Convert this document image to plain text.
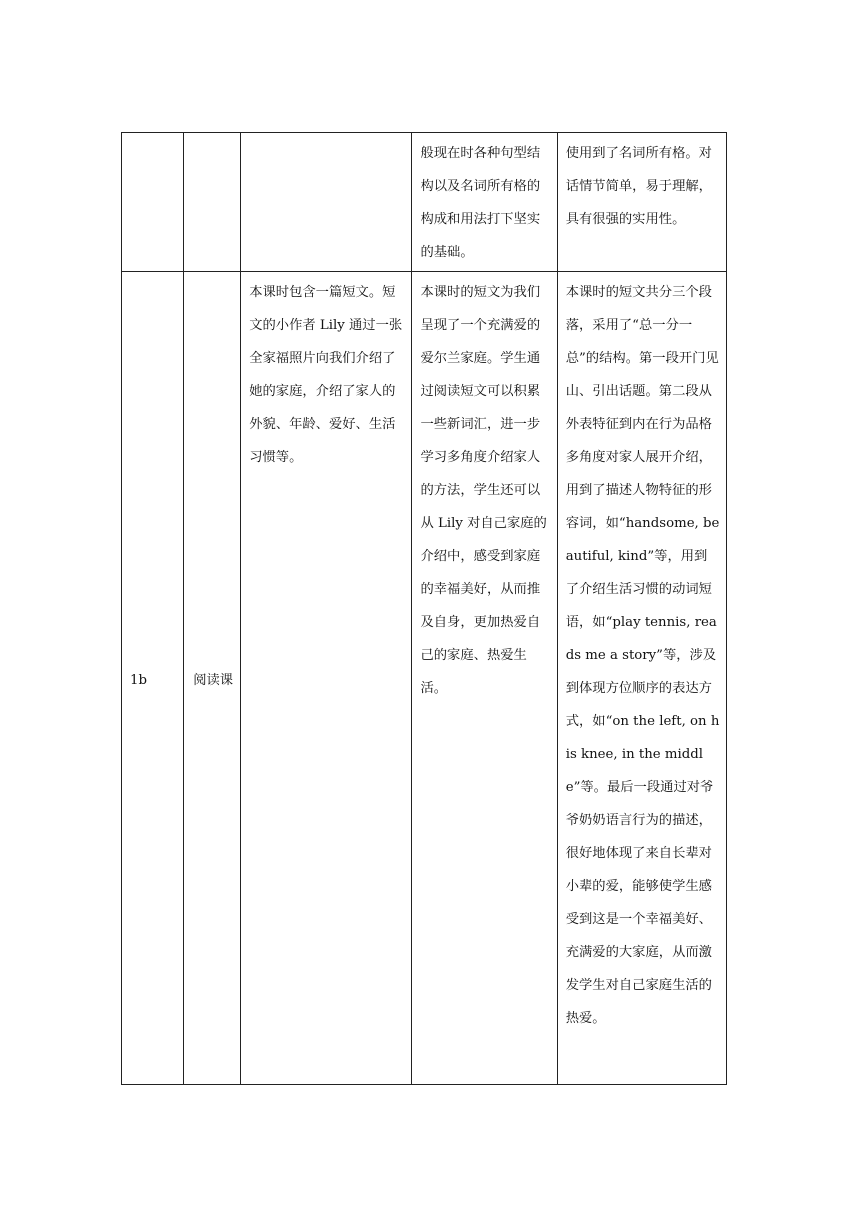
			般现在时各种句型结构以及名词所有格的构成和用法打下坚实的基础。	使用到了名词所有格。对话情节简单，易于理解，具有很强的实用性。
1b	阅读课	本课时包含一篇短文。短文的小作者 Lily 通过一张全家福照片向我们介绍了她的家庭，介绍了家人的外貌、年龄、爱好、生活习惯等。	本课时的短文为我们呈现了一个充满爱的爱尔兰家庭。学生通过阅读短文可以积累一些新词汇，进一步学习多角度介绍家人的方法，学生还可以从 Lily 对自己家庭的介绍中，感受到家庭的幸福美好，从而推及自身，更加热爱自己的家庭、热爱生活。	本课时的短文共分三个段落，采用了“总一分一总”的结构。第一段开门见山、引出话题。第二段从外表特征到内在行为品格多角度对家人展开介绍，用到了描述人物特征的形容词，如“handsome, beautiful, kind”等，用到了介绍生活习惯的动词短语，如“play tennis, reads me a story”等，涉及到体现方位顺序的表达方式，如“on the left, on his knee, in the middle”等。最后一段通过对爷爷奶奶语言行为的描述，很好地体现了来自长辈对小辈的爱，能够使学生感受到这是一个幸福美好、充满爱的大家庭，从而激发学生对自己家庭生活的热爱。
